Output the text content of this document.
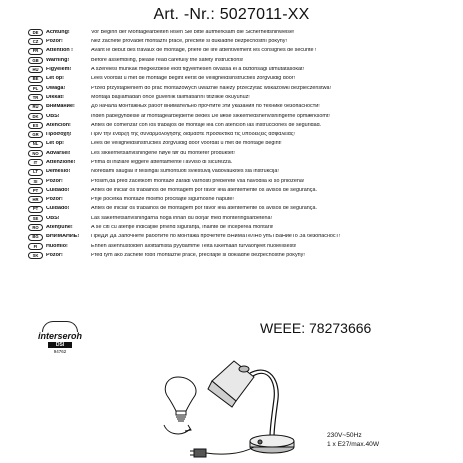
Art. -Nr.: 5027011-XX
DE	Achtung!	Vor Beginn der Montagearbeiten lesen Sie bitte aufmerksam die Sicherheitshinweise!
CZ	Pozor!	Než začnete provádět montážní práce, přečtěte si důkladně bezpečnostní pokyny!
FR	Attention !	Avant le début des travaux de montage, prière de lire attentivement les consignes de sécurité !
GB	Warning!	Before assembling, please read carefully the safety instructions!
HU	Figyelem!	A szerelési munkák megkezdése előtt figyelmesen olvassa el a biztonsági útmutatásokat!
BE	Let op!	Lees voordat u met de montage begint eerst de veiligheidsinstructies zorgvuldig door!
PL	Uwaga!	Przed przystąpieniem do prac montażowych uważnie należy przeczytać wskazówki bezpieczeństwa!
TR	Dikkat!	Montaja başlamadan önce güvenlik talimatlarını titizlikle okuyunuz!
RU	Внимание!	До начала монтажных работ внимательно прочтите эти указания по технике безопасности!
DK	OBS!	Inden påbegyndelse af montagearbejderne bedes De læse sikkerhedshenvisningerne opmærksomt!
ES	Atención!	Antes de comenzar con los trabajos de montaje lea con atención las instrucciones de seguridad.
GR	Προσοχή!	Πριν την έναρξη της συναρμολόγησης διαβάστε προσεκτικά τις υποδείξεις ασφαλείας!
NL	Let op!	Lees de veiligheidsinstructies zorgvuldig door voordat u met de montage begint!
NO	Advarsel!	Les sikkerhetsanvisningene nøye før du monterer produktet!
IT	Attenzione!	Prima di iniziare leggere attentamente l'avviso di sicurezza.
LT	Dėmesio!	Norėdami saugiai ir teisingai sumontuoti šviestuvą vadovaukitės šia instrukcija!
SI	Pozor!	Prosim,da pred začetkom montaže zaradi varnosti preberete vsa navodila ki so priložena!
PT	Cuidado!	Antes de iniciar os trabalhos de montagem por favor leia atentemente os avisos de segurança.
HR	Pozor!	Prije početka montaže molimo pročitajte sigurnosne napute!
PT	Cuidado!	Antes de iniciar os trabalhos de montagem por favor leia atentemente os avisos de segurança.
SE	OBS!	Läs säkerhetsanvisningarna noga innan du börjar med monteringsarbetena!
RO	Atenţiune!	A se citi cu atenţie indicaţiile privind siguranţa, înainte de începerea montării!
BG	ВНИМАНИЕ!	ПреДИ Да Започнете работите по монтажа прочетете ВНиМаТеЛНо упъТВаНиеТо За безопасносТ!
FI	Huomio!	Ennen asennustöiden aloittamista pyydämme Teitä lukemaan turvaohjeet huolellisesti!
SK	Pozor!	Pred tým ako začnete robiť montážne práce, prečítajte si dôkladne bezpečnostné pokyny!
interseroh
DSI
94762
WEEE: 78273666
230V~50Hz
1 x E27/max.40W
